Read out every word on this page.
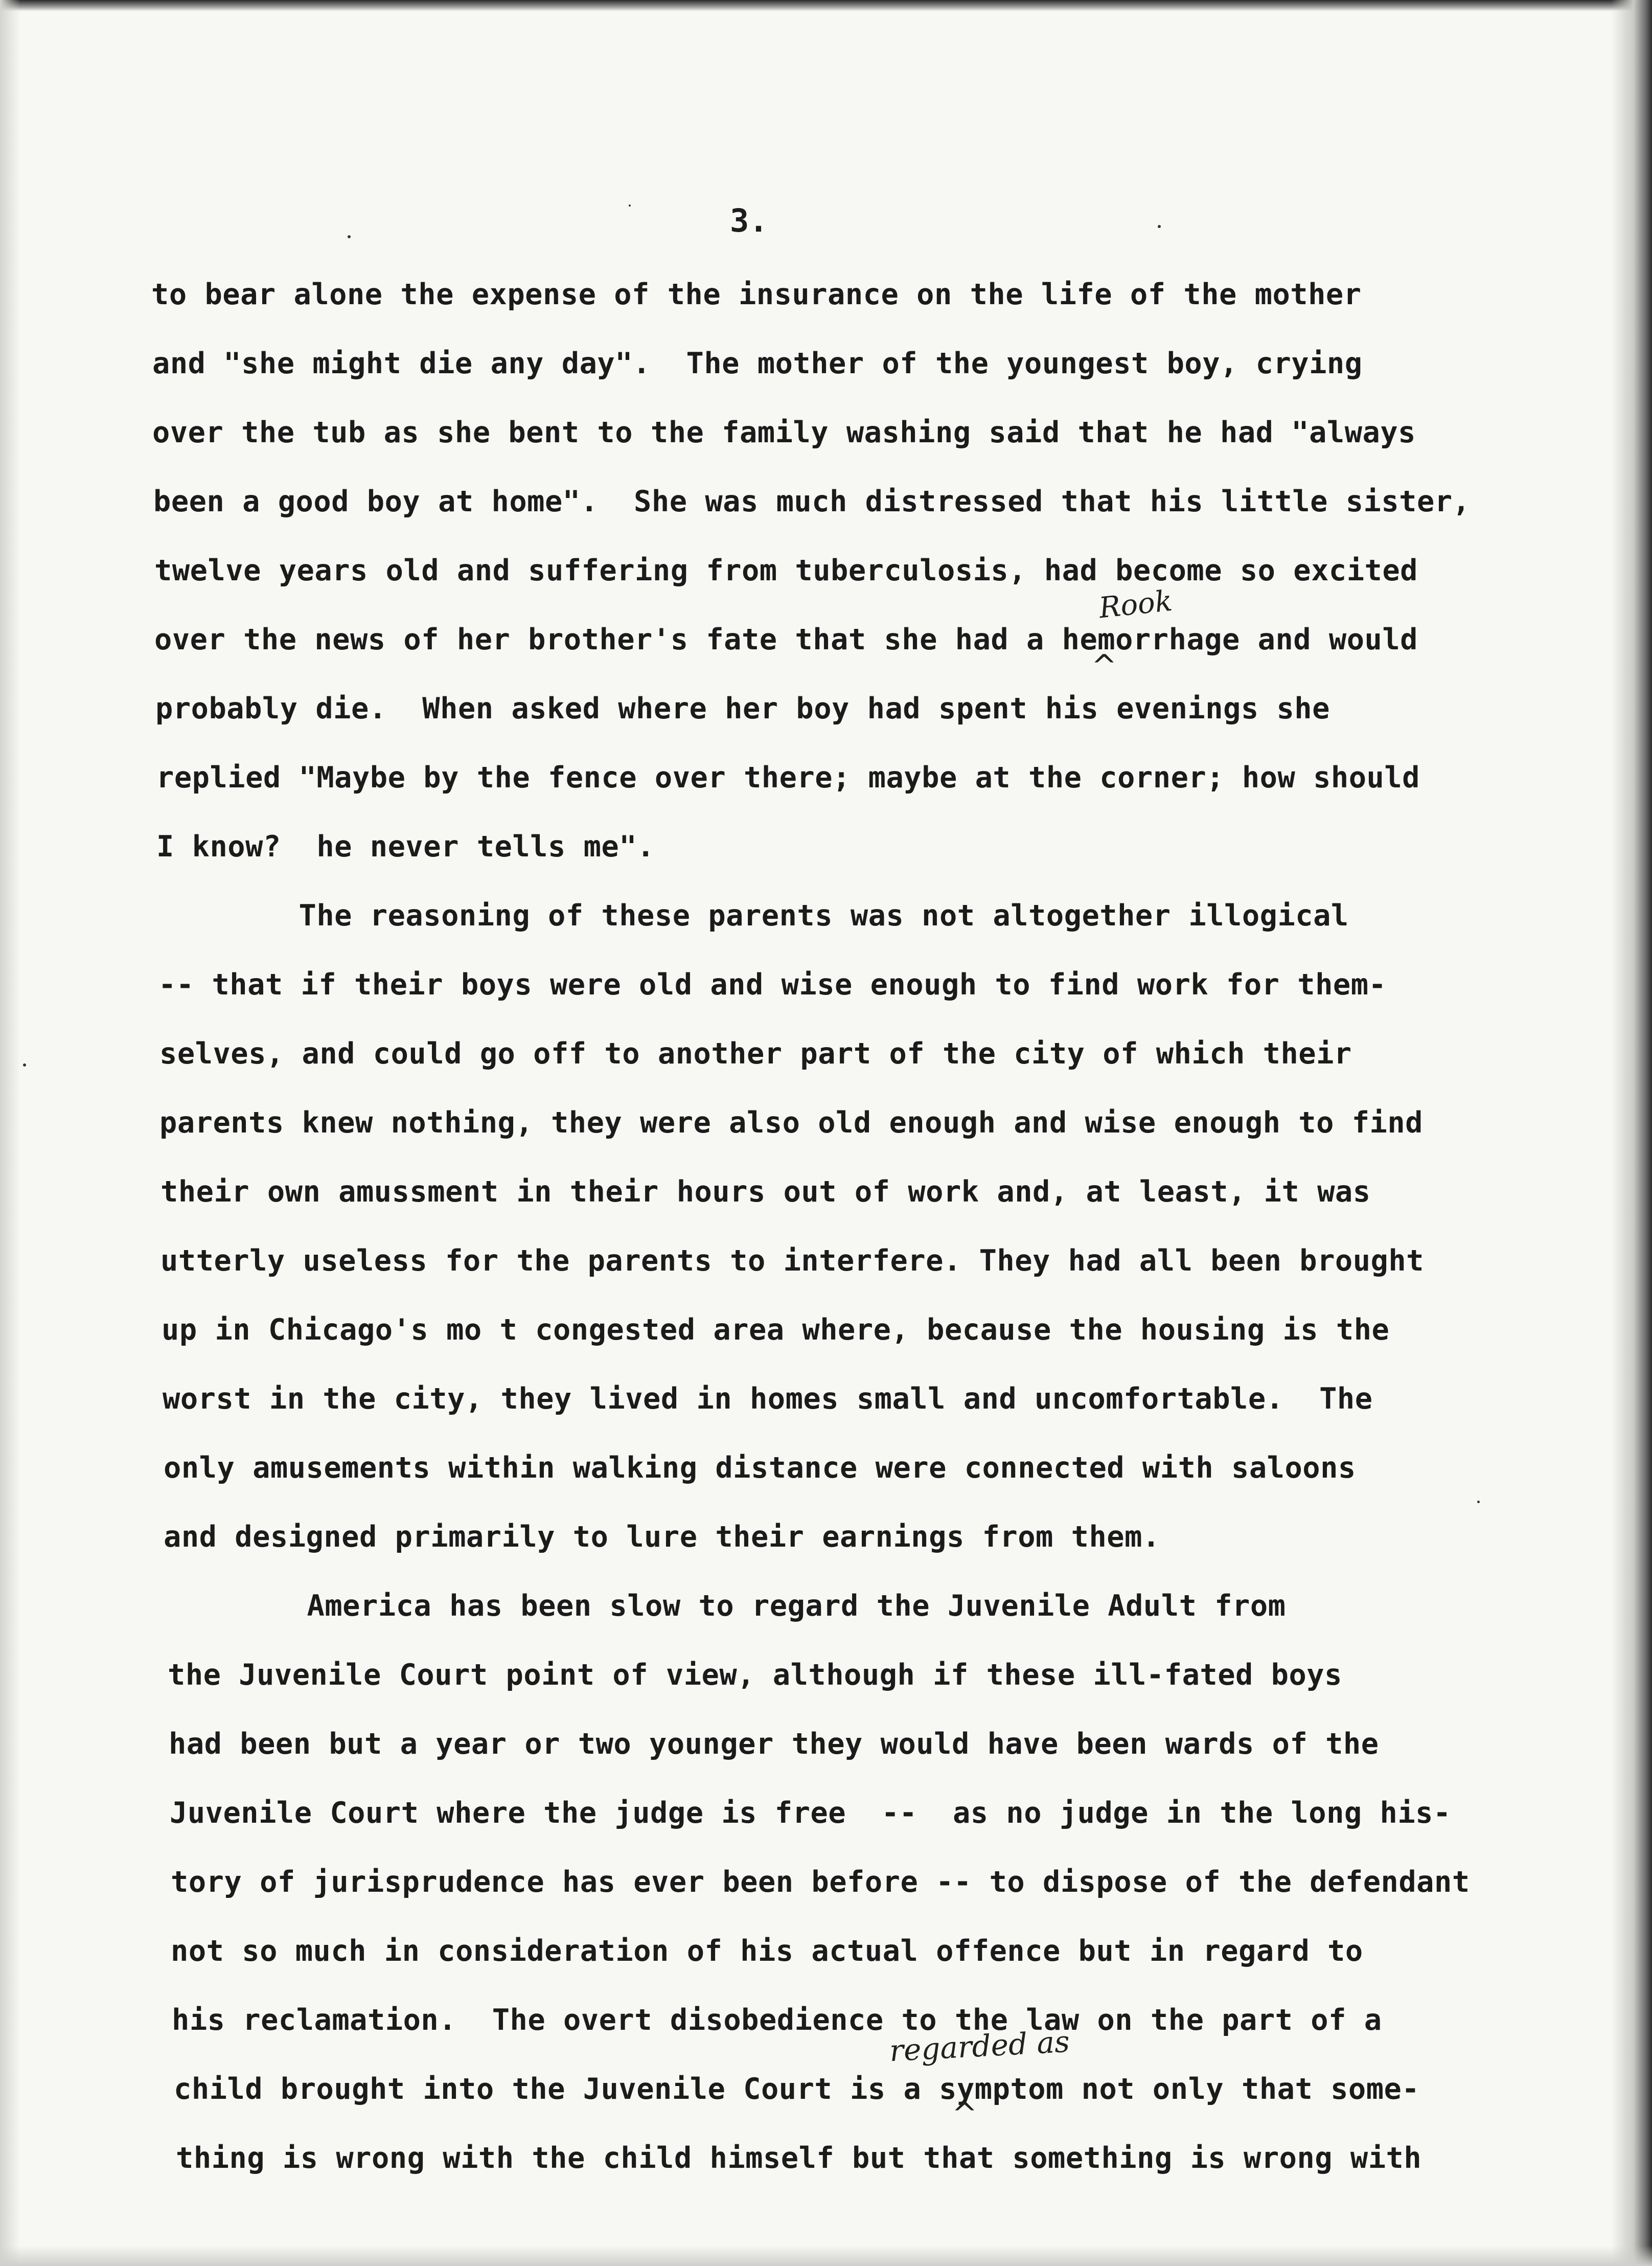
3.
to bear alone the expense of the insurance on the life of the mother
and "she might die any day".  The mother of the youngest boy, crying
over the tub as she bent to the family washing said that he had "always
been a good boy at home".  She was much distressed that his little sister,
twelve years old and suffering from tuberculosis, had become so excited
over the news of her brother's fate that she had a hemorrhage and would
probably die.  When asked where her boy had spent his evenings she
replied "Maybe by the fence over there; maybe at the corner; how should
I know?  he never tells me".
The reasoning of these parents was not altogether illogical
-- that if their boys were old and wise enough to find work for them-
selves, and could go off to another part of the city of which their
parents knew nothing, they were also old enough and wise enough to find
their own amussment in their hours out of work and, at least, it was
utterly useless for the parents to interfere. They had all been brought
up in Chicago's mo t congested area where, because the housing is the
worst in the city, they lived in homes small and uncomfortable.  The
only amusements within walking distance were connected with saloons
and designed primarily to lure their earnings from them.
America has been slow to regard the Juvenile Adult from
the Juvenile Court point of view, although if these ill-fated boys
had been but a year or two younger they would have been wards of the
Juvenile Court where the judge is free  --  as no judge in the long his-
tory of jurisprudence has ever been before -- to dispose of the defendant
not so much in consideration of his actual offence but in regard to
his reclamation.  The overt disobedience to the law on the part of a
child brought into the Juvenile Court is a symptom not only that some-
thing is wrong with the child himself but that something is wrong with
Rook
^
regarded as
^
